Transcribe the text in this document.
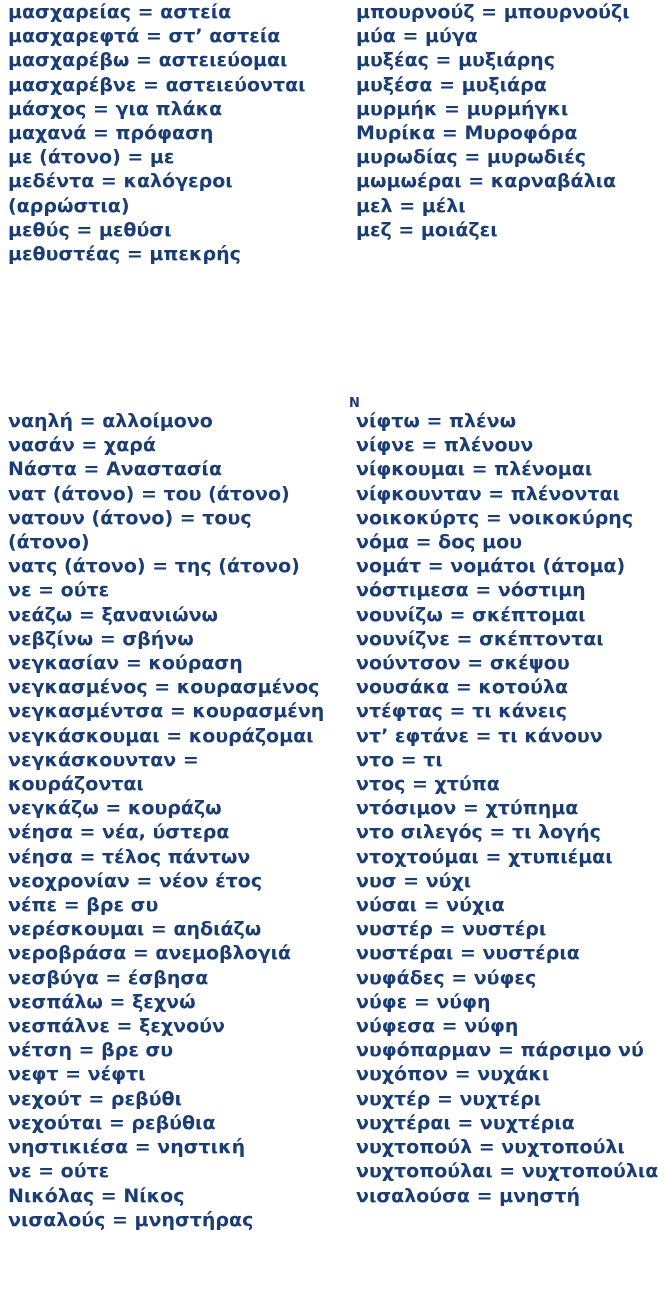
μασχαρείας = αστεία
μασχαρεφτά = στ’ αστεία
μασχαρέβω = αστειεύομαι
μασχαρέβνε = αστειεύονται
μάσχος = για πλάκα
μαχανά = πρόφαση
με (άτονο) = με
μεδέντα = καλόγεροι
(αρρώστια)
μεθύς = μεθύσι
μεθυστέας = μπεκρής
μπουρνούζ = μπουρνούζι
μύα = μύγα
μυξέας = μυξιάρης
μυξέσα = μυξιάρα
μυρμήκ = μυρμήγκι
Μυρίκα = Μυροφόρα
μυρωδίας = μυρωδιές
μωμωέραι = καρναβάλια
μελ = μέλι
μεζ = μοιάζει
N
ναηλή = αλλοίμονο
νασάν = χαρά
Νάστα = Αναστασία
νατ (άτονο) = του (άτονο)
νατουν (άτονο) = τους
(άτονο)
νατς (άτονο) = της (άτονο)
νε = ούτε
νεάζω = ξανανιώνω
νεβζίνω = σβήνω
νεγκασίαν = κούραση
νεγκασμένος = κουρασμένος
νεγκασμέντσα = κουρασμένη
νεγκάσκουμαι = κουράζομαι
νεγκάσκουνταν =
κουράζονται
νεγκάζω = κουράζω
νέησα = νέα, ύστερα
νέησα = τέλος πάντων
νεοχρονίαν = νέον έτος
νέπε = βρε συ
νερέσκουμαι = αηδιάζω
νεροβράσα = ανεμοβλογιά
νεσβύγα = έσβησα
νεσπάλω = ξεχνώ
νεσπάλνε = ξεχνούν
νέτση = βρε συ
νεφτ = νέφτι
νεχούτ = ρεβύθι
νεχούται = ρεβύθια
νηστικιέσα = νηστική
νε = ούτε
Νικόλας = Νίκος
νισαλούς = μνηστήρας
νίφτω = πλένω
νίφνε = πλένουν
νίφκουμαι = πλένομαι
νίφκουνταν = πλένονται
νοικοκύρτς = νοικοκύρης
νόμα = δος μου
νομάτ = νομάτοι (άτομα)
νόστιμεσα = νόστιμη
νουνίζω = σκέπτομαι
νουνίζνε = σκέπτονται
νούντσον = σκέψου
νουσάκα = κοτούλα
ντέφτας = τι κάνεις
ντ’ εφτάνε = τι κάνουν
ντο = τι
ντος = χτύπα
ντόσιμον = χτύπημα
ντο σιλεγός = τι λογής
ντοχτούμαι = χτυπιέμαι
νυσ = νύχι
νύσαι = νύχια
νυστέρ = νυστέρι
νυστέραι = νυστέρια
νυφάδες = νύφες
νύφε = νύφη
νύφεσα = νύφη
νυφόπαρμαν = πάρσιμο νύ
νυχόπον = νυχάκι
νυχτέρ = νυχτέρι
νυχτέραι = νυχτέρια
νυχτοπούλ = νυχτοπούλι
νυχτοπούλαι = νυχτοπούλια
νισαλούσα = μνηστή
